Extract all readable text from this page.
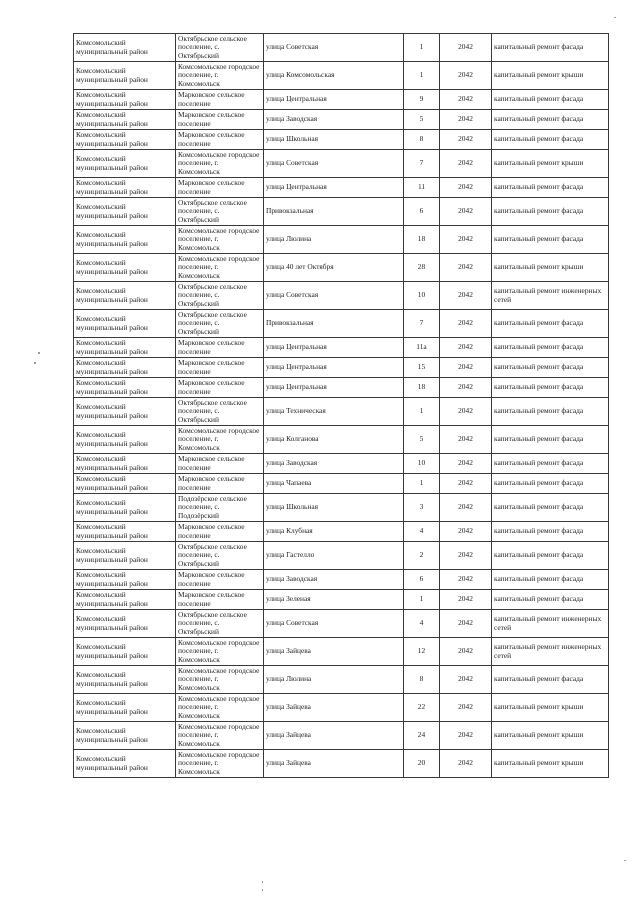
Комсомольский муниципальный район	Октябрьское сельское поселение, с. Октябрьский	улица Советская	1	2042	капитальный ремонт фасада
Комсомольский муниципальный район	Комсомольское городское поселение, г. Комсомольск	улица Комсомольская	1	2042	капитальный ремонт крыши
Комсомольский муниципальный район	Марковское сельское поселение	улица Центральная	9	2042	капитальный ремонт фасада
Комсомольский муниципальный район	Марковское сельское поселение	улица Заводская	5	2042	капитальный ремонт фасада
Комсомольский муниципальный район	Марковское сельское поселение	улица Школьная	8	2042	капитальный ремонт фасада
Комсомольский муниципальный район	Комсомольское городское поселение, г. Комсомольск	улица Советская	7	2042	капитальный ремонт крыши
Комсомольский муниципальный район	Марковское сельское поселение	улица Центральная	11	2042	капитальный ремонт фасада
Комсомольский муниципальный район	Октябрьское сельское поселение, с. Октябрьский	Привокзальная	6	2042	капитальный ремонт фасада
Комсомольский муниципальный район	Комсомольское городское поселение, г. Комсомольск	улица Люлина	18	2042	капитальный ремонт фасада
Комсомольский муниципальный район	Комсомольское городское поселение, г. Комсомольск	улица 40 лет Октября	28	2042	капитальный ремонт крыши
Комсомольский муниципальный район	Октябрьское сельское поселение, с. Октябрьский	улица Советская	10	2042	капитальный ремонт инженерных сетей
Комсомольский муниципальный район	Октябрьское сельское поселение, с. Октябрьский	Привокзальная	7	2042	капитальный ремонт фасада
Комсомольский муниципальный район	Марковское сельское поселение	улица Центральная	11а	2042	капитальный ремонт фасада
Комсомольский муниципальный район	Марковское сельское поселение	улица Центральная	15	2042	капитальный ремонт фасада
Комсомольский муниципальный район	Марковское сельское поселение	улица Центральная	18	2042	капитальный ремонт фасада
Комсомольский муниципальный район	Октябрьское сельское поселение, с. Октябрьский	улица Техническая	1	2042	капитальный ремонт фасада
Комсомольский муниципальный район	Комсомольское городское поселение, г. Комсомольск	улица Колганова	5	2042	капитальный ремонт фасада
Комсомольский муниципальный район	Марковское сельское поселение	улица Заводская	10	2042	капитальный ремонт фасада
Комсомольский муниципальный район	Марковское сельское поселение	улица Чапаева	1	2042	капитальный ремонт фасада
Комсомольский муниципальный район	Подозёрское сельское поселение, с. Подозёрский	улица Школьная	3	2042	капитальный ремонт фасада
Комсомольский муниципальный район	Марковское сельское поселение	улица Клубная	4	2042	капитальный ремонт фасада
Комсомольский муниципальный район	Октябрьское сельское поселение, с. Октябрьский	улица Гастелло	2	2042	капитальный ремонт фасада
Комсомольский муниципальный район	Марковское сельское поселение	улица Заводская	6	2042	капитальный ремонт фасада
Комсомольский муниципальный район	Марковское сельское поселение	улица Зеленая	1	2042	капитальный ремонт фасада
Комсомольский муниципальный район	Октябрьское сельское поселение, с. Октябрьский	улица Советская	4	2042	капитальный ремонт инженерных сетей
Комсомольский муниципальный район	Комсомольское городское поселение, г. Комсомольск	улица Зайцева	12	2042	капитальный ремонт инженерных сетей
Комсомольский муниципальный район	Комсомольское городское поселение, г. Комсомольск	улица Люлина	8	2042	капитальный ремонт фасада
Комсомольский муниципальный район	Комсомольское городское поселение, г. Комсомольск	улица Зайцева	22	2042	капитальный ремонт крыши
Комсомольский муниципальный район	Комсомольское городское поселение, г. Комсомольск	улица Зайцева	24	2042	капитальный ремонт крыши
Комсомольский муниципальный район	Комсомольское городское поселение, г. Комсомольск	улица Зайцева	20	2042	капитальный ремонт крыши
